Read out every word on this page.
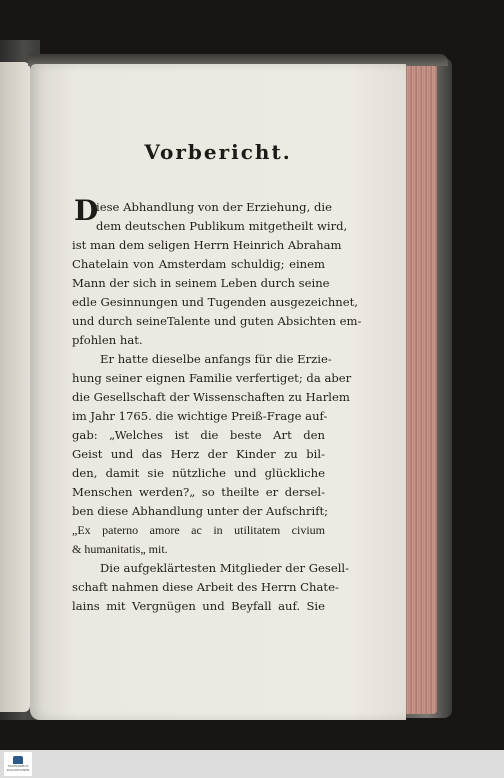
Vorbericht.
D
iese Abhandlung von der Erziehung, die
dem deutschen Publikum mitgetheilt wird,
ist man dem seligen Herrn Heinrich Abraham
Chatelain von Amsterdam schuldig; einem
Mann der sich in seinem Leben durch seine
edle Gesinnungen und Tugenden ausgezeichnet,
und durch seineTalente und guten Absichten em-
pfohlen hat.
Er hatte dieselbe anfangs für die Erzie-
hung seiner eignen Familie verfertiget; da aber
die Gesellschaft der Wissenschaften zu Harlem
im Jahr 1765. die wichtige Preiß-Frage auf-
gab: „Welches ist die beste Art den
Geist und das Herz der Kinder zu bil-
den, damit sie nützliche und glückliche
Menschen werden?„ so theilte er dersel-
ben diese Abhandlung unter der Aufschrift;
„Ex paterno amore ac in utilitatem civium
& humanitatis„ mit.
Die aufgeklärtesten Mitglieder der Gesell-
schaft nahmen diese Arbeit des Herrn Chate-
lains mit Vergnügen und Beyfall auf. Sie
TRANSKRIBUS
KOLLEKTIONEN
